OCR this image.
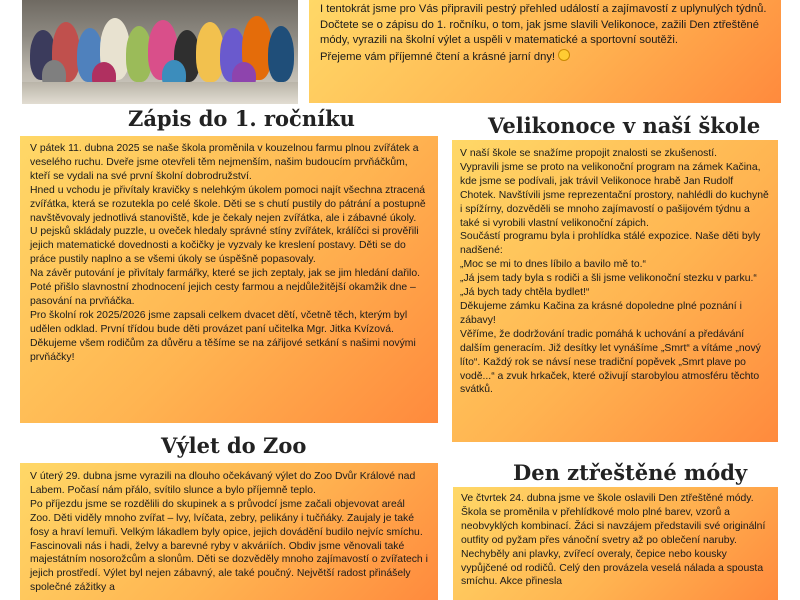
I tentokrát jsme pro Vás připravili pestrý přehled událostí a zajímavostí z uplynulých týdnů. Dočtete se o zápisu do 1. ročníku, o tom, jak jsme slavili Velikonoce, zažili Den ztřeštěné módy, vyrazili na školní výlet a uspěli v matematické a sportovní soutěži.

Přejeme vám příjemné čtení a krásné jarní dny!

Zápis do 1. ročníku

V pátek 11. dubna 2025 se naše škola proměnila v kouzelnou farmu plnou zvířátek a veselého ruchu. Dveře jsme otevřeli těm nejmenším, našim budoucím prvňáčkům, kteří se vydali na své první školní dobrodružství.

Hned u vchodu je přivítaly kravičky s nelehkým úkolem pomoci najít všechna ztracená zvířátka, která se rozutekla po celé škole. Děti se s chutí pustily do pátrání a postupně navštěvovaly jednotlivá stanoviště, kde je čekaly nejen zvířátka, ale i zábavné úkoly.

U pejsků skládaly puzzle, u oveček hledaly správné stíny zvířátek, králíčci si prověřili jejich matematické dovednosti a kočičky je vyzvaly ke kreslení postavy. Děti se do práce pustily naplno a se všemi úkoly se úspěšně popasovaly.

Na závěr putování je přivítaly farmářky, které se jich zeptaly, jak se jim hledání dařilo. Poté přišlo slavnostní zhodnocení jejich cesty farmou a nejdůležitější okamžik dne – pasování na prvňáčka.

Pro školní rok 2025/2026 jsme zapsali celkem dvacet dětí, včetně těch, kterým byl udělen odklad. První třídou bude děti provázet paní učitelka Mgr. Jitka Kvízová.

Děkujeme všem rodičům za důvěru a těšíme se na zářijové setkání s našimi novými prvňáčky!

Velikonoce v naší škole

V naší škole se snažíme propojit znalosti se zkušeností.

Vypravili jsme se proto na velikonoční program na zámek Kačina, kde jsme se podívali, jak trávil Velikonoce hrabě Jan Rudolf Chotek. Navštívili jsme reprezentační prostory, nahlédli do kuchyně i spížírny, dozvěděli se mnoho zajímavostí o pašijovém týdnu a také si vyrobili vlastní velikonoční zápich.

Součástí programu byla i prohlídka stálé expozice. Naše děti byly nadšené:

„Moc se mi to dnes líbilo a bavilo mě to.“

„Já jsem tady byla s rodiči a šli jsme velikonoční stezku v parku.“

„Já bych tady chtěla bydlet!“

Děkujeme zámku Kačina za krásné dopoledne plné poznání i zábavy!

Věříme, že dodržování tradic pomáhá k uchování a předávání dalším generacím. Již desítky let vynášíme „Smrt“ a vítáme „nový líto“. Každý rok se návsí nese tradiční popěvek „Smrt plave po vodě...“ a zvuk hrkaček, které oživují starobylou atmosféru těchto svátků.

Výlet do Zoo

V úterý 29. dubna jsme vyrazili na dlouho očekávaný výlet do Zoo Dvůr Králové nad Labem. Počasí nám přálo, svítilo slunce a bylo příjemně teplo.

Po příjezdu jsme se rozdělili do skupinek a s průvodcí jsme začali objevovat areál Zoo. Děti viděly mnoho zvířat – lvy, lvíčata, zebry, pelikány i tučňáky. Zaujaly je také fosy a hraví lemuři. Velkým lákadlem byly opice, jejich dovádění budilo nejvíc smíchu. Fascinovali nás i hadi, želvy a barevné ryby v akváriích. Obdiv jsme věnovali také majestátním nosorožcům a slonům. Děti se dozvěděly mnoho zajímavostí o zvířatech i jejich prostředí. Výlet byl nejen zábavný, ale také poučný. Největší radost přinášely společné zážitky a

Den ztřeštěné módy

Ve čtvrtek 24. dubna jsme ve škole oslavili Den ztřeštěné módy. Škola se proměnila v přehlídkové molo plné barev, vzorů a neobvyklých kombinací. Žáci si navzájem představili své originální outfity od pyžam přes vánoční svetry až po oblečení naruby. Nechyběly ani plavky, zvířecí overaly, čepice nebo kousky vypůjčené od rodičů. Celý den provázela veselá nálada a spousta smíchu. Akce přinesla
